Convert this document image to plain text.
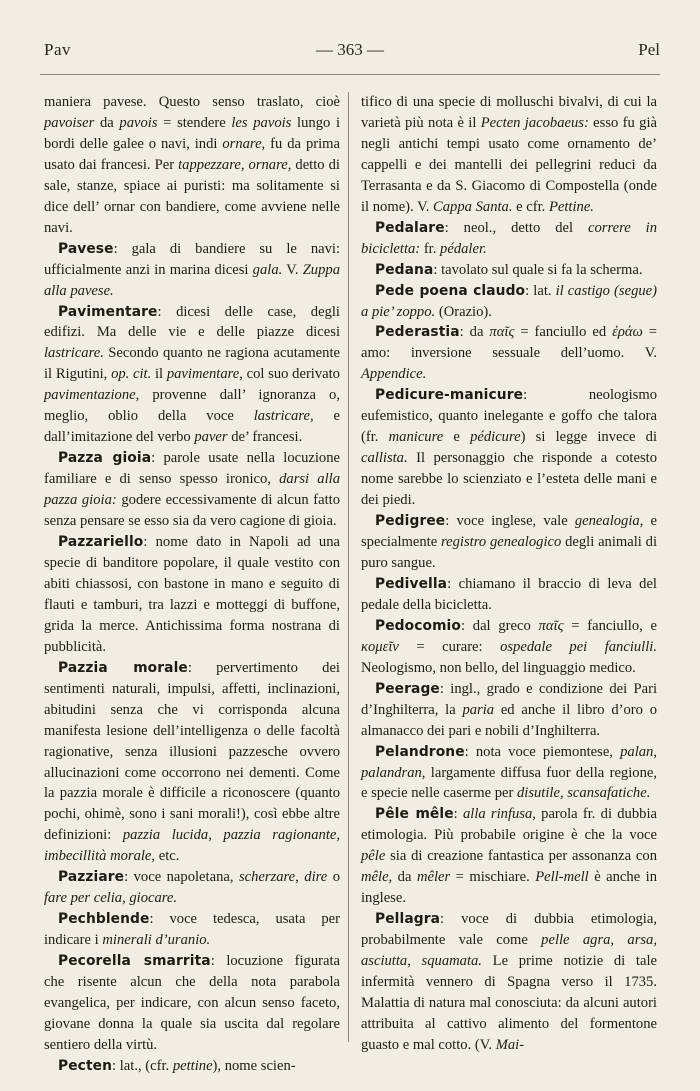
Pav	— 363 —	Pel

maniera pavese. Questo senso traslato, cioè pavoiser da pavois = stendere les pavois lungo i bordi delle galee o navi, indi ornare, fu da prima usato dai francesi. Per tappezzare, ornare, detto di sale, stanze, spiace ai puristi: ma solitamente si dice dell’ ornar con bandiere, come avviene nelle navi.

Pavese: gala di bandiere su le navi: ufficialmente anzi in marina dicesi gala. V. Zuppa alla pavese.

Pavimentare: dicesi delle case, degli edifizi. Ma delle vie e delle piazze dicesi lastricare. Secondo quanto ne ragiona acutamente il Rigutini, op. cit. il pavimentare, col suo derivato pavimentazione, provenne dall’ ignoranza o, meglio, oblio della voce lastricare, e dall’imitazione del verbo paver de’ francesi.

Pazza gioia: parole usate nella locuzione familiare e di senso spesso ironico, darsi alla pazza gioia: godere eccessivamente di alcun fatto senza pensare se esso sia da vero cagione di gioia.

Pazzariello: nome dato in Napoli ad una specie di banditore popolare, il quale vestito con abiti chiassosi, con bastone in mano e seguito di flauti e tamburi, tra lazzi e motteggi di buffone, grida la merce. Antichissima forma nostrana di pubblicità.

Pazzia morale: pervertimento dei sentimenti naturali, impulsi, affetti, inclinazioni, abitudini senza che vi corrisponda alcuna manifesta lesione dell’intelligenza o delle facoltà ragionative, senza illusioni pazzesche ovvero allucinazioni come occorrono nei dementi. Come la pazzia morale è difficile a riconoscere (quanto pochi, ohimè, sono i sani morali!), così ebbe altre definizioni: pazzia lucida, pazzia ragionante, imbecillità morale, etc.

Pazziare: voce napoletana, scherzare, dire o fare per celia, giocare.

Pechblende: voce tedesca, usata per indicare i minerali d’uranio.

Pecorella smarrita: locuzione figurata che risente alcun che della nota parabola evangelica, per indicare, con alcun senso faceto, giovane donna la quale sia uscita dal regolare sentiero della virtù.

Pecten: lat., (cfr. pettine), nome scien-

tifico di una specie di molluschi bivalvi, di cui la varietà più nota è il Pecten jacobaeus: esso fu già negli antichi tempi usato come ornamento de’ cappelli e dei mantelli dei pellegrini reduci da Terrasanta e da S. Giacomo di Compostella (onde il nome). V. Cappa Santa. e cfr. Pettine.

Pedalare: neol., detto del correre in bicicletta: fr. pédaler.

Pedana: tavolato sul quale si fa la scherma.

Pede poena claudo: lat. il castigo (segue) a pie’ zoppo. (Orazio).

Pederastia: da παῖς = fanciullo ed ἐράω = amo: inversione sessuale dell’uomo. V. Appendice.

Pedicure-manicure: neologismo eufemistico, quanto inelegante e goffo che talora (fr. manicure e pédicure) si legge invece di callista. Il personaggio che risponde a cotesto nome sarebbe lo scienziato e l’esteta delle mani e dei piedi.

Pedigree: voce inglese, vale genealogia, e specialmente registro genealogico degli animali di puro sangue.

Pedivella: chiamano il braccio di leva del pedale della bicicletta.

Pedocomio: dal greco παῖς = fanciullo, e κομεῖν = curare: ospedale pei fanciulli. Neologismo, non bello, del linguaggio medico.

Peerage: ingl., grado e condizione dei Pari d’Inghilterra, la paria ed anche il libro d’oro o almanacco dei pari e nobili d’Inghilterra.

Pelandrone: nota voce piemontese, palan, palandran, largamente diffusa fuor della regione, e specie nelle caserme per disutile, scansafatiche.

Pêle mêle: alla rinfusa, parola fr. di dubbia etimologia. Più probabile origine è che la voce pêle sia di creazione fantastica per assonanza con mêle, da mêler = mischiare. Pell-mell è anche in inglese.

Pellagra: voce di dubbia etimologia, probabilmente vale come pelle agra, arsa, asciutta, squamata. Le prime notizie di tale infermità vennero di Spagna verso il 1735. Malattia di natura mal conosciuta: da alcuni autori attribuita al cattivo alimento del formentone guasto e mal cotto. (V. Mai-
